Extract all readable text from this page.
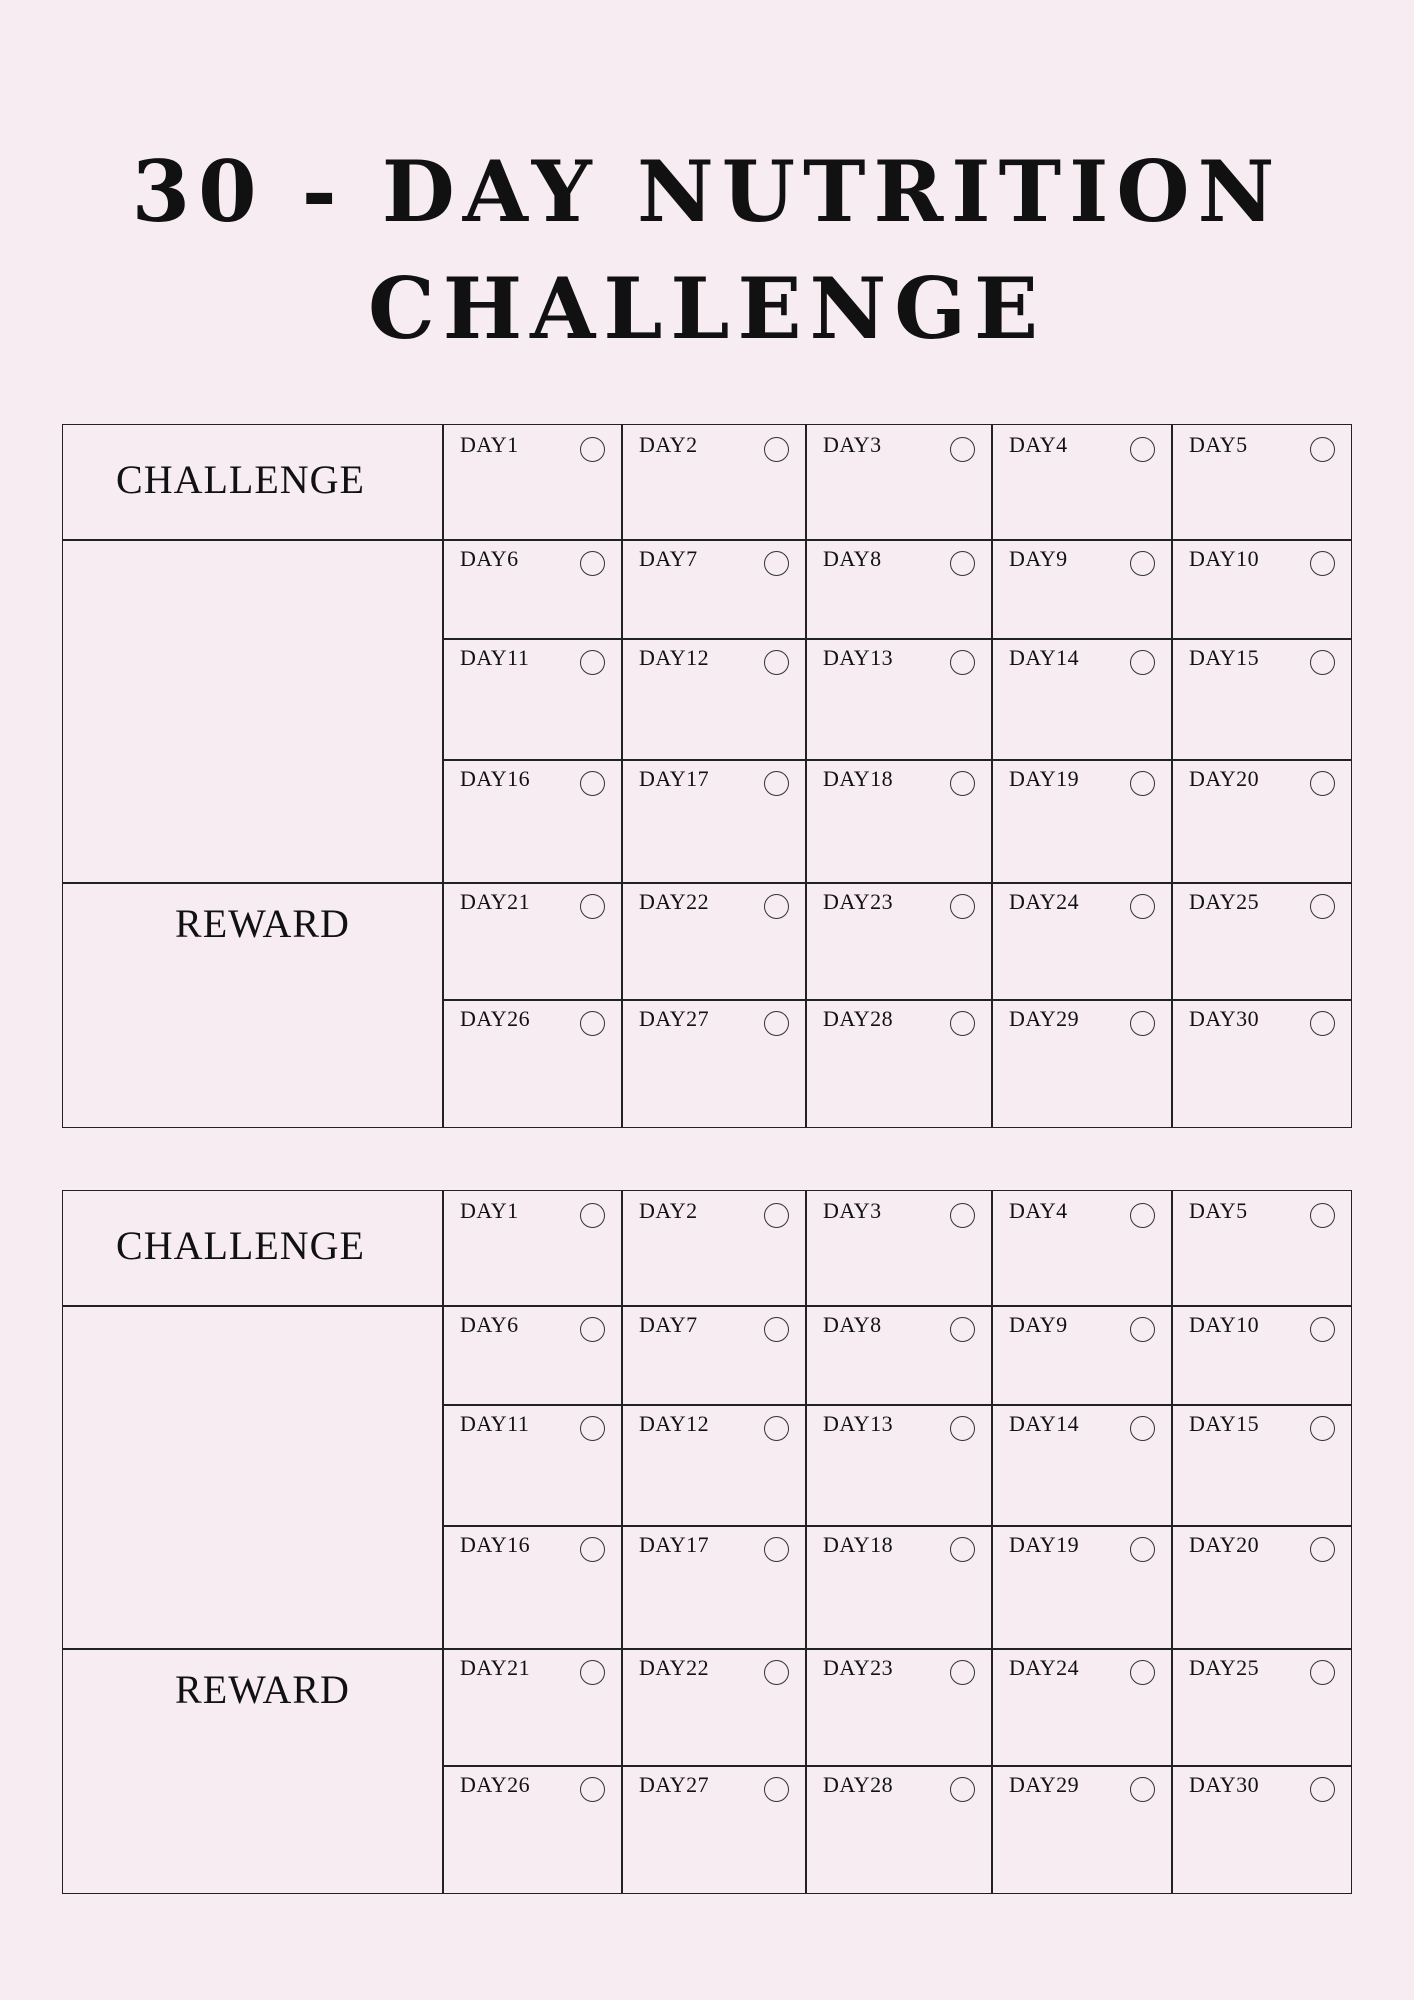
30 - DAY NUTRITION
CHALLENGE
CHALLENGE
REWARD
DAY1	DAY2	DAY3	DAY4	DAY5
DAY6	DAY7	DAY8	DAY9	DAY10
DAY11	DAY12	DAY13	DAY14	DAY15
DAY16	DAY17	DAY18	DAY19	DAY20
DAY21	DAY22	DAY23	DAY24	DAY25
DAY26	DAY27	DAY28	DAY29	DAY30
CHALLENGE
REWARD
DAY1	DAY2	DAY3	DAY4	DAY5
DAY6	DAY7	DAY8	DAY9	DAY10
DAY11	DAY12	DAY13	DAY14	DAY15
DAY16	DAY17	DAY18	DAY19	DAY20
DAY21	DAY22	DAY23	DAY24	DAY25
DAY26	DAY27	DAY28	DAY29	DAY30
